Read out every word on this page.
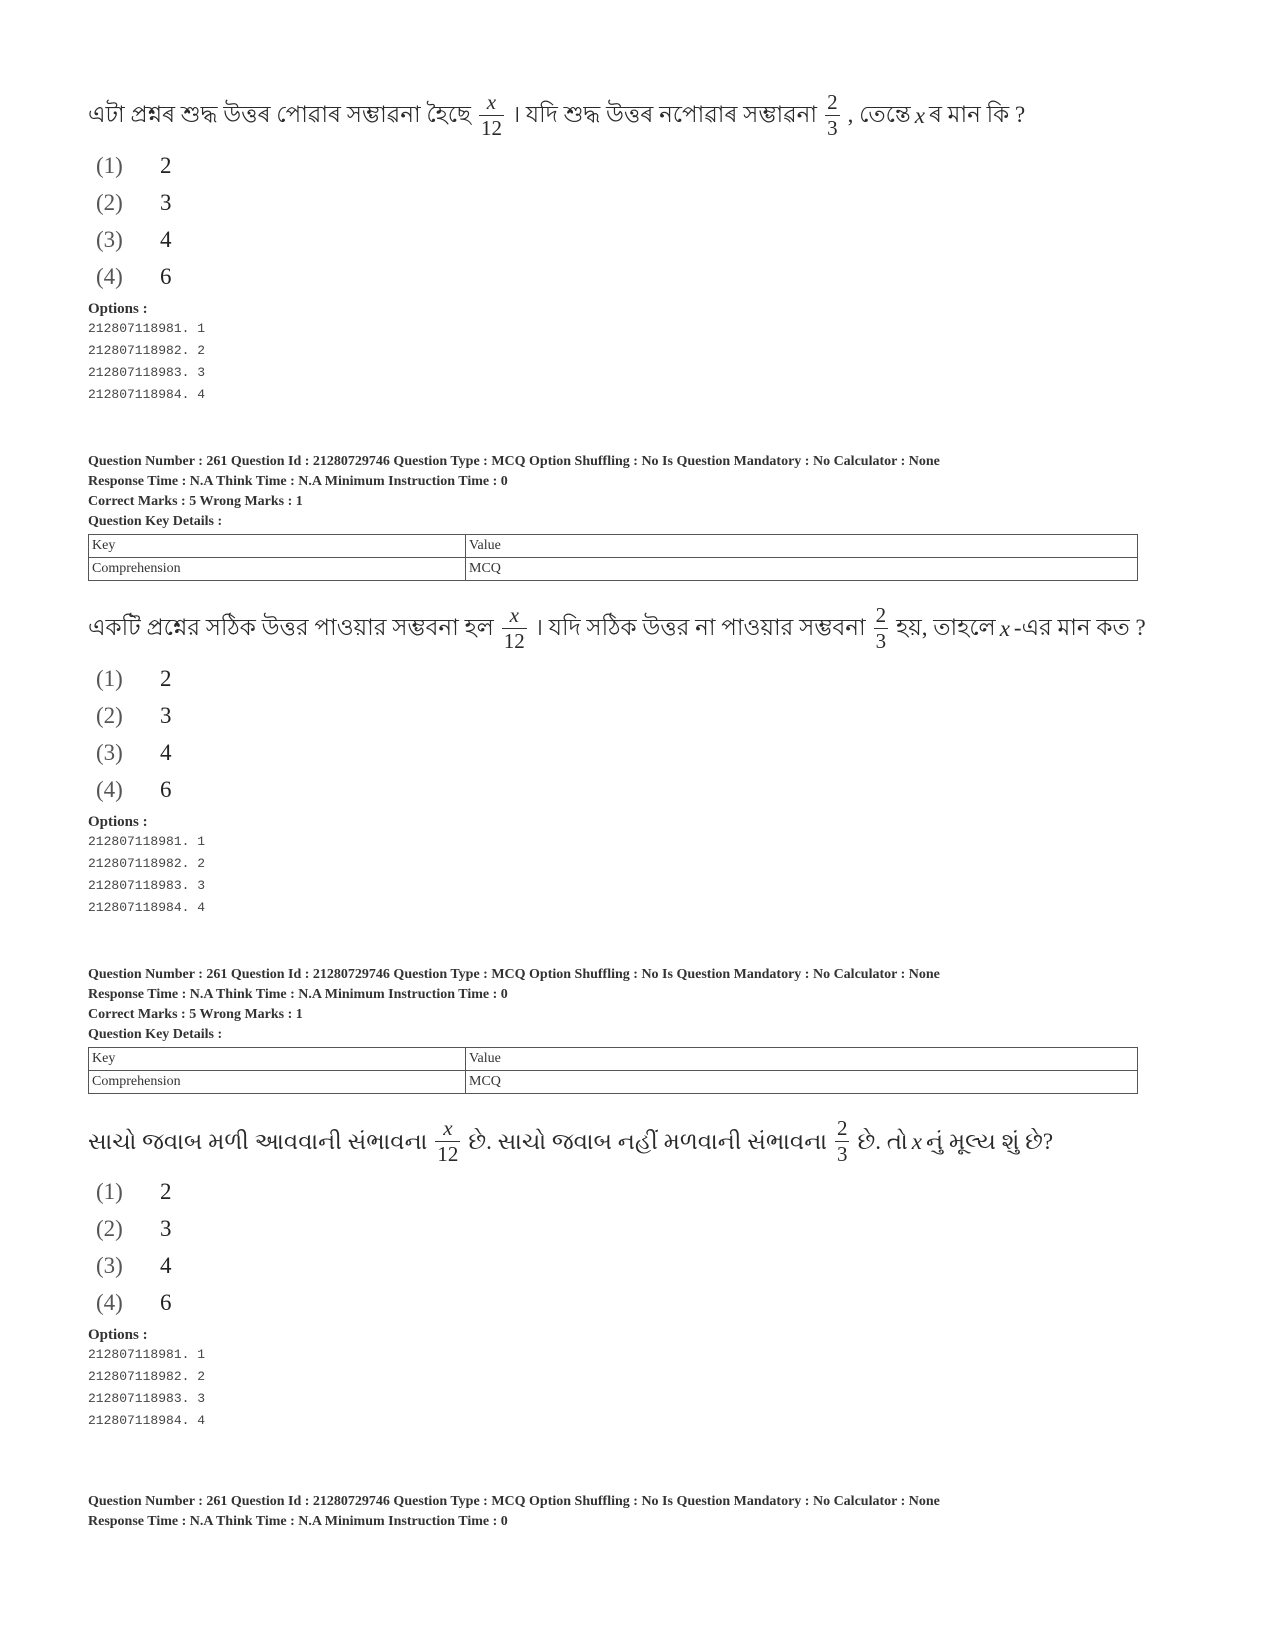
এটা প্ৰশ্নৰ শুদ্ধ উত্তৰ পোৱাৰ সম্ভাৱনা হৈছে $\frac{x}{12}$ । যদি শুদ্ধ উত্তৰ নপোৱাৰ সম্ভাৱনা $\frac{2}{3}$ , তেন্তে x ৰ মান কি ?
(1)	2
(2)	3
(3)	4
(4)	6
Options :
212807118981. 1
212807118982. 2
212807118983. 3
212807118984. 4
Question Number : 261 Question Id : 21280729746 Question Type : MCQ Option Shuffling : No Is Question Mandatory : No Calculator : None
Response Time : N.A Think Time : N.A Minimum Instruction Time : 0
Correct Marks : 5 Wrong Marks : 1
Question Key Details :
Key	Value
Comprehension	MCQ
একটি প্রশ্নের সঠিক উত্তর পাওয়ার সম্ভবনা হল $\frac{x}{12}$ । যদি সঠিক উত্তর না পাওয়ার সম্ভবনা $\frac{2}{3}$ হয়, তাহলে x -এর মান কত ?
(1)	2
(2)	3
(3)	4
(4)	6
Options :
212807118981. 1
212807118982. 2
212807118983. 3
212807118984. 4
Question Number : 261 Question Id : 21280729746 Question Type : MCQ Option Shuffling : No Is Question Mandatory : No Calculator : None
Response Time : N.A Think Time : N.A Minimum Instruction Time : 0
Correct Marks : 5 Wrong Marks : 1
Question Key Details :
Key	Value
Comprehension	MCQ
સાચો જવાબ મળી આવવાની સંભાવના $\frac{x}{12}$ છે. સાચો જવાબ નહીં મળવાની સંભાવના $\frac{2}{3}$ છે. તો x નું મૂલ્ય શું છે?
(1)	2
(2)	3
(3)	4
(4)	6
Options :
212807118981. 1
212807118982. 2
212807118983. 3
212807118984. 4
Question Number : 261 Question Id : 21280729746 Question Type : MCQ Option Shuffling : No Is Question Mandatory : No Calculator : None
Response Time : N.A Think Time : N.A Minimum Instruction Time : 0
